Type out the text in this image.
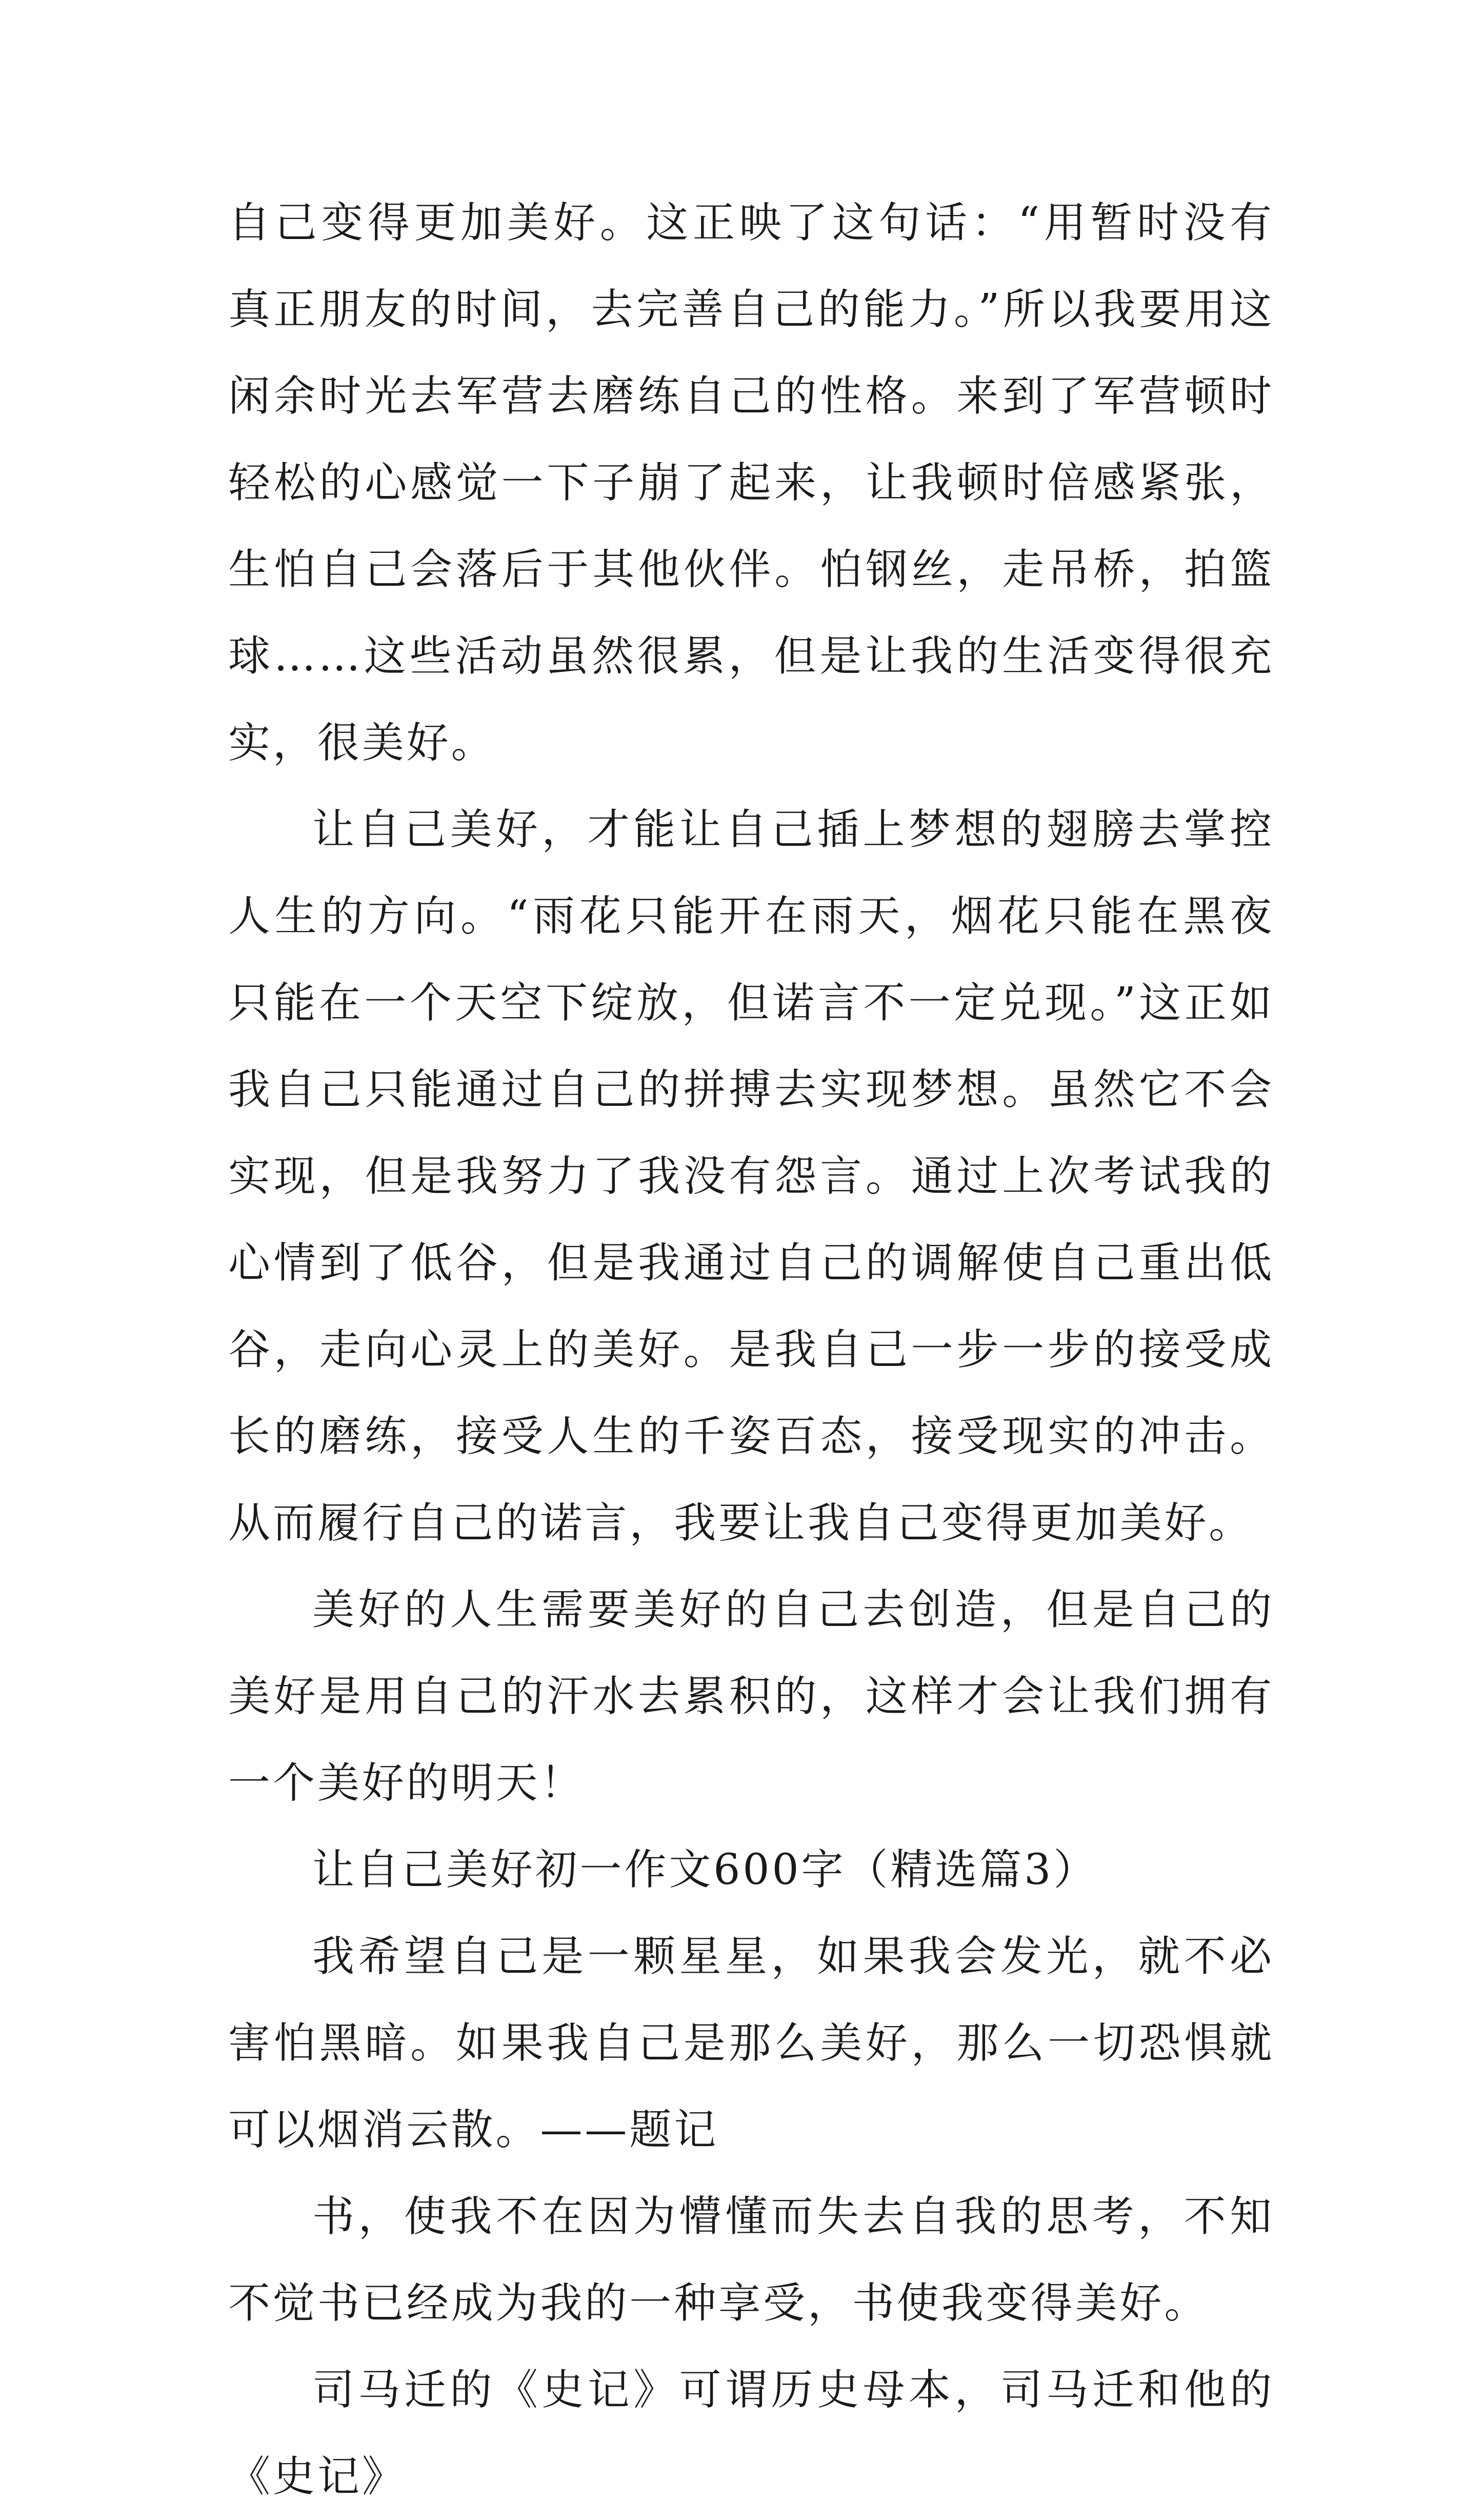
自己变得更加美好。这正映了这句话：“用暂时没有真正朋友的时间，去完善自己的能力。”所以我要用这闲余时光去军营去磨练自己的性格。来到了军营顿时轻松的心感觉一下子崩了起来，让我顿时倍感紧张，生怕自己会落后于其他伙伴。怕钢丝，走吊桥，拍篮球……这些活动虽然很累，但是让我的生活变得很充实，很美好。

让自己美好，才能让自己插上梦想的翅膀去掌控人生的方向。“雨花只能开在雨天，烟花只能在黑夜只能在一个天空下绽放，但诺言不一定兑现。”这正如我自己只能通过自己的拼搏去实现梦想。虽然它不会实现，但是我努力了我没有怨言。通过上次考试我的心情到了低谷，但是我通过自己的调解使自己重出低谷，走向心灵上的美好。是我自己一步一步的接受成长的磨练，接受人生的千姿百态，接受现实的冲击。从而履行自己的诺言，我要让我自己变得更加美好。

美好的人生需要美好的自己去创造，但是自己的美好是用自己的汗水去累积的，这样才会让我们拥有一个美好的明天！

让自己美好初一作文600字（精选篇3）

我希望自己是一颗星星，如果我会发光，就不必害怕黑暗。如果我自己是那么美好，那么一切恐惧就可以烟消云散。——题记

书，使我不在因为懵懂而失去自我的思考，不知不觉书已经成为我的一种享受，书使我变得美好。

司马迁的《史记》可谓历史母本，司马迁和他的《史记》
